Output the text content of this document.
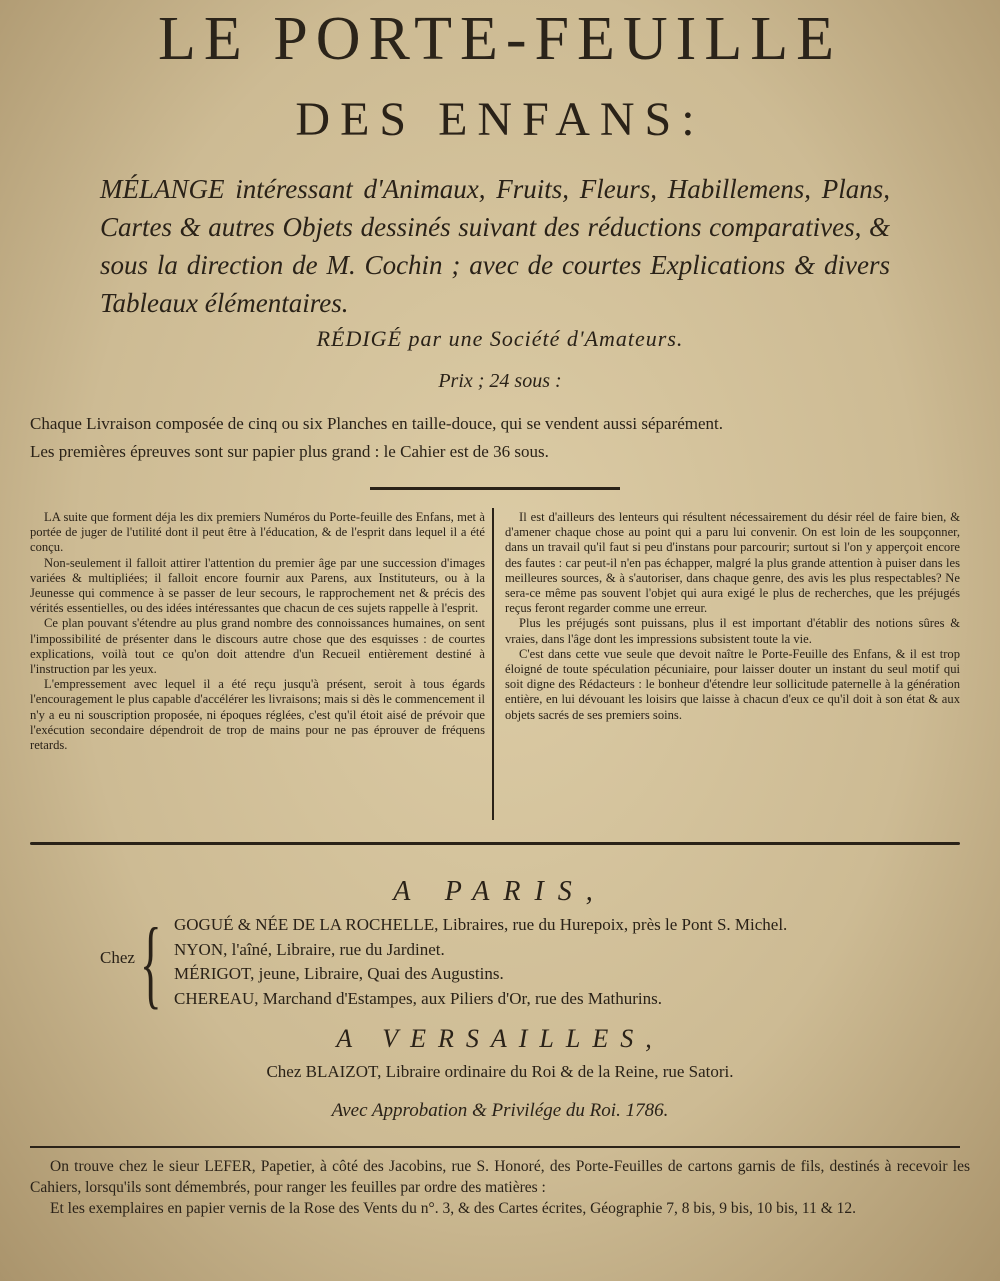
LE PORTE-FEUILLE
DES ENFANS:
MÉLANGE intéressant d'Animaux, Fruits, Fleurs, Habillemens, Plans, Cartes & autres Objets dessinés suivant des réductions comparatives, & sous la direction de M. Cochin ; avec de courtes Explications & divers Tableaux élémentaires.
RÉDIGÉ par une Société d'Amateurs.
Prix ; 24 sous :
Chaque Livraison composée de cinq ou six Planches en taille-douce, qui se vendent aussi séparément.
Les premières épreuves sont sur papier plus grand : le Cahier est de 36 sous.

LA suite que forment déja les dix premiers Numéros du Porte-feuille des Enfans, met à portée de juger de l'utilité dont il peut être à l'éducation, & de l'esprit dans lequel il a été conçu.

Non-seulement il falloit attirer l'attention du premier âge par une succession d'images variées & multipliées; il falloit encore fournir aux Parens, aux Instituteurs, ou à la Jeunesse qui commence à se passer de leur secours, le rapprochement net & précis des vérités essentielles, ou des idées intéressantes que chacun de ces sujets rappelle à l'esprit.

Ce plan pouvant s'étendre au plus grand nombre des connoissances humaines, on sent l'impossibilité de présenter dans le discours autre chose que des esquisses : de courtes explications, voilà tout ce qu'on doit attendre d'un Recueil entièrement destiné à l'instruction par les yeux.

L'empressement avec lequel il a été reçu jusqu'à présent, seroit à tous égards l'encouragement le plus capable d'accélérer les livraisons; mais si dès le commencement il n'y a eu ni souscription proposée, ni époques réglées, c'est qu'il étoit aisé de prévoir que l'exécution secondaire dépendroit de trop de mains pour ne pas éprouver de fréquens retards.

Il est d'ailleurs des lenteurs qui résultent nécessairement du désir réel de faire bien, & d'amener chaque chose au point qui a paru lui convenir. On est loin de les soupçonner, dans un travail qu'il faut si peu d'instans pour parcourir; surtout si l'on y apperçoit encore des fautes : car peut-il n'en pas échapper, malgré la plus grande attention à puiser dans les meilleures sources, & à s'autoriser, dans chaque genre, des avis les plus respectables? Ne sera-ce même pas souvent l'objet qui aura exigé le plus de recherches, que les préjugés reçus feront regarder comme une erreur.

Plus les préjugés sont puissans, plus il est important d'établir des notions sûres & vraies, dans l'âge dont les impressions subsistent toute la vie.

C'est dans cette vue seule que devoit naître le Porte-Feuille des Enfans, & il est trop éloigné de toute spéculation pécuniaire, pour laisser douter un instant du seul motif qui soit digne des Rédacteurs : le bonheur d'étendre leur sollicitude paternelle à la génération entière, en lui dévouant les loisirs que laisse à chacun d'eux ce qu'il doit à son état & aux objets sacrés de ses premiers soins.

A PARIS,
Chez { GOGUÉ & NÉE DE LA ROCHELLE, Libraires, rue du Hurepoix, près le Pont S. Michel.
NYON, l'aîné, Libraire, rue du Jardinet.
MÉRIGOT, jeune, Libraire, Quai des Augustins.
CHEREAU, Marchand d'Estampes, aux Piliers d'Or, rue des Mathurins.
A VERSAILLES,
Chez BLAIZOT, Libraire ordinaire du Roi & de la Reine, rue Satori.
Avec Approbation & Privilége du Roi. 1786.

On trouve chez le sieur LEFER, Papetier, à côté des Jacobins, rue S. Honoré, des Porte-Feuilles de cartons garnis de fils, destinés à recevoir les Cahiers, lorsqu'ils sont démembrés, pour ranger les feuilles par ordre des matières :

Et les exemplaires en papier vernis de la Rose des Vents du n°. 3, & des Cartes écrites, Géographie 7, 8 bis, 9 bis, 10 bis, 11 & 12.
